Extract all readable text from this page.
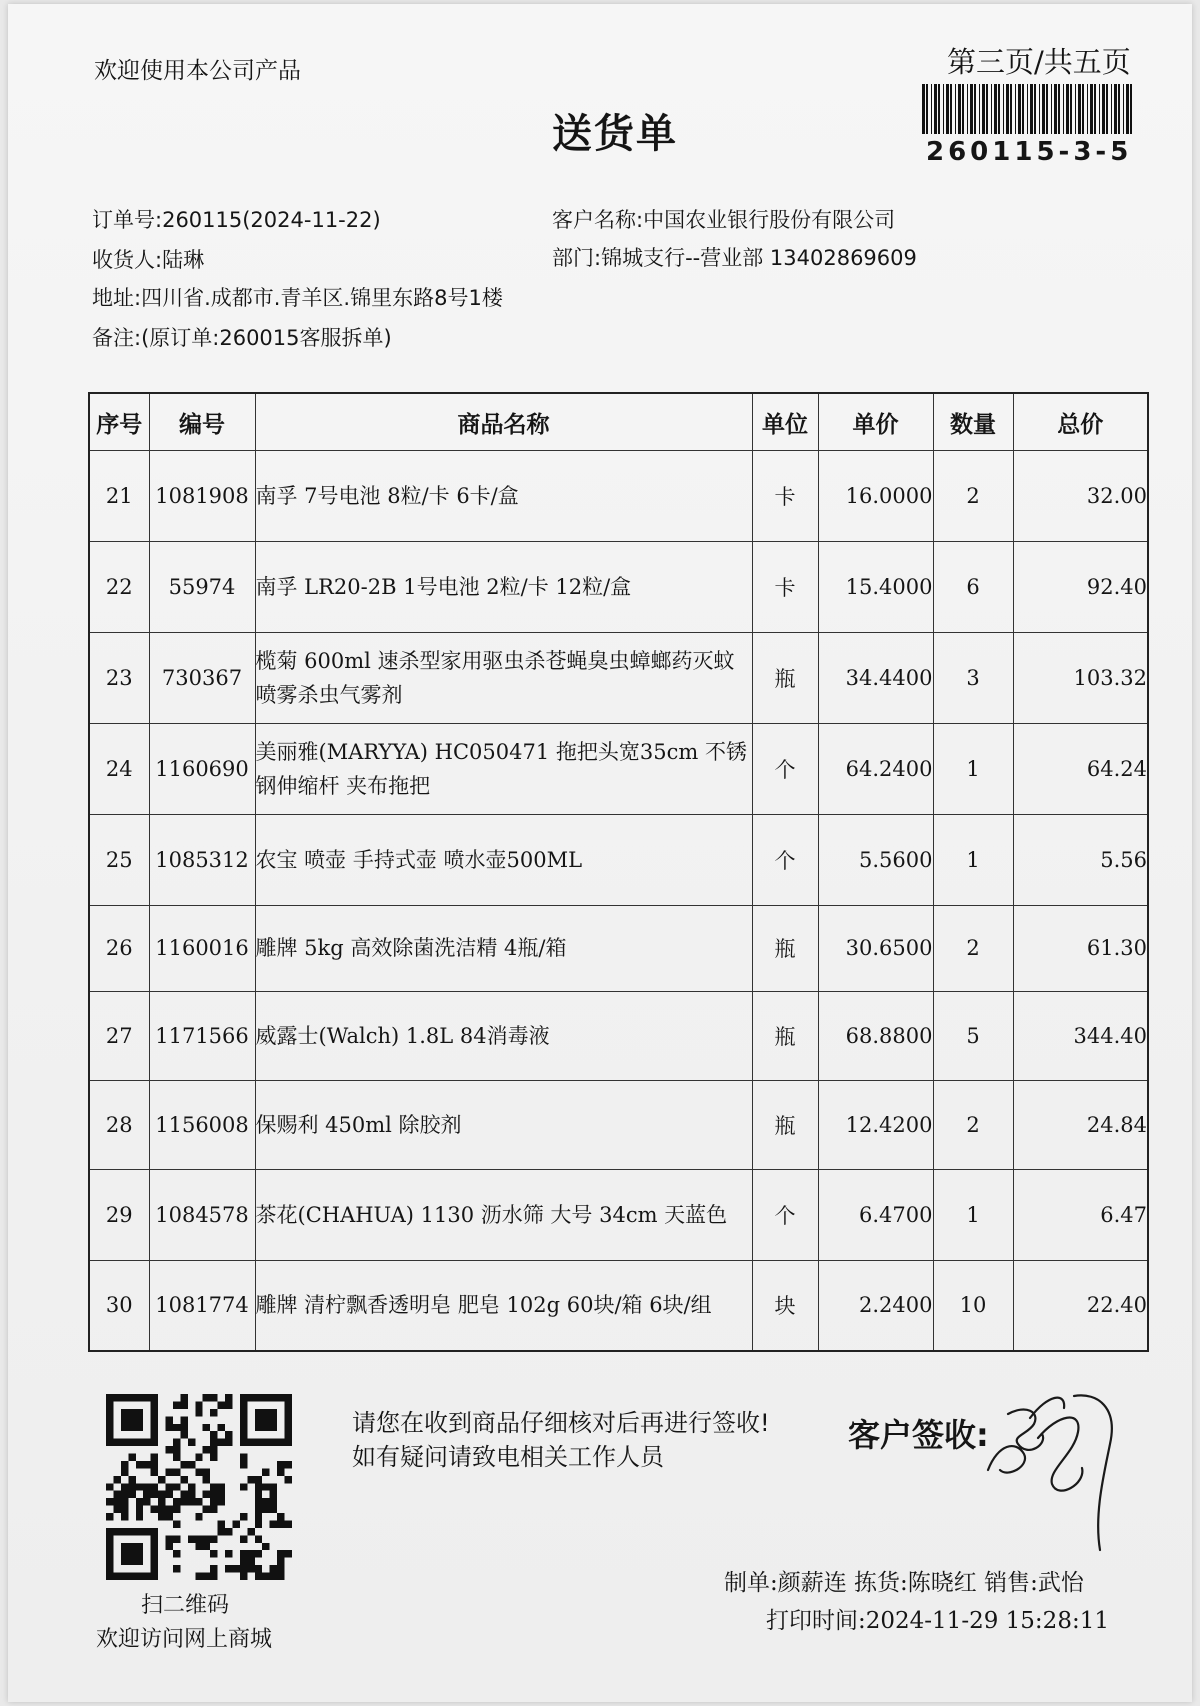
欢迎使用本公司产品	第三页/共五页
260115-3-5
送货单
订单号:260115(2024-11-22)	客户名称:中国农业银行股份有限公司
收货人:陆琳	部门:锦城支行--营业部 13402869609
地址:四川省.成都市.青羊区.锦里东路8号1楼
备注:(原订单:260015客服拆单)
序号	编号	商品名称	单位	单价	数量	总价
21	1081908	南孚 7号电池 8粒/卡 6卡/盒	卡	16.0000	2	32.00
22	55974	南孚 LR20-2B 1号电池 2粒/卡 12粒/盒	卡	15.4000	6	92.40
23	730367	榄菊 600ml 速杀型家用驱虫杀苍蝇臭虫蟑螂药灭蚊喷雾杀虫气雾剂	瓶	34.4400	3	103.32
24	1160690	美丽雅(MARYYA) HC050471 拖把头宽35cm 不锈钢伸缩杆 夹布拖把	个	64.2400	1	64.24
25	1085312	农宝 喷壶 手持式壶 喷水壶500ML	个	5.5600	1	5.56
26	1160016	雕牌 5kg 高效除菌洗洁精 4瓶/箱	瓶	30.6500	2	61.30
27	1171566	威露士(Walch) 1.8L 84消毒液	瓶	68.8800	5	344.40
28	1156008	保赐利 450ml 除胶剂	瓶	12.4200	2	24.84
29	1084578	茶花(CHAHUA) 1130 沥水筛 大号 34cm 天蓝色	个	6.4700	1	6.47
30	1081774	雕牌 清柠飘香透明皂 肥皂 102g 60块/箱 6块/组	块	2.2400	10	22.40
扫二维码
欢迎访问网上商城
请您在收到商品仔细核对后再进行签收!如有疑问请致电相关工作人员
客户签收:
制单:颜薪连 拣货:陈晓红 销售:武怡
打印时间:2024-11-29 15:28:11
